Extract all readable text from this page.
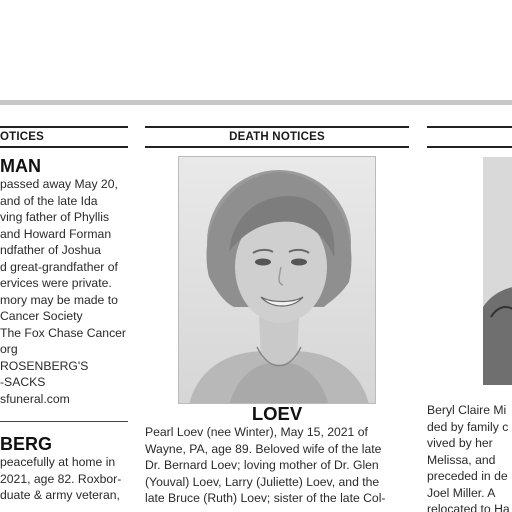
OTICES
MAN
passed away May 20,
and of the late Ida
ving father of Phyllis
and Howard Forman
ndfather of Joshua
d great-grandfather of
ervices were private.
mory may be made to
Cancer Society
The Fox Chase Cancer
org
ROSENBERG'S
-SACKS
sfuneral.com
BERG
peacefully at home in
2021, age 82. Roxbor-
duate & army veteran,
DEATH NOTICES
LOEV
Pearl Loev (nee Winter), May 15, 2021 of
Wayne, PA, age 89. Beloved wife of the late
Dr. Bernard Loev; loving mother of Dr. Glen
(Youval) Loev, Larry (Juliette) Loev, and the
late Bruce (Ruth) Loev; sister of the late Col-
Beryl Claire Mi
ded by family c
vived by her
Melissa, and
preceded in de
Joel Miller. A
relocated to Ha
